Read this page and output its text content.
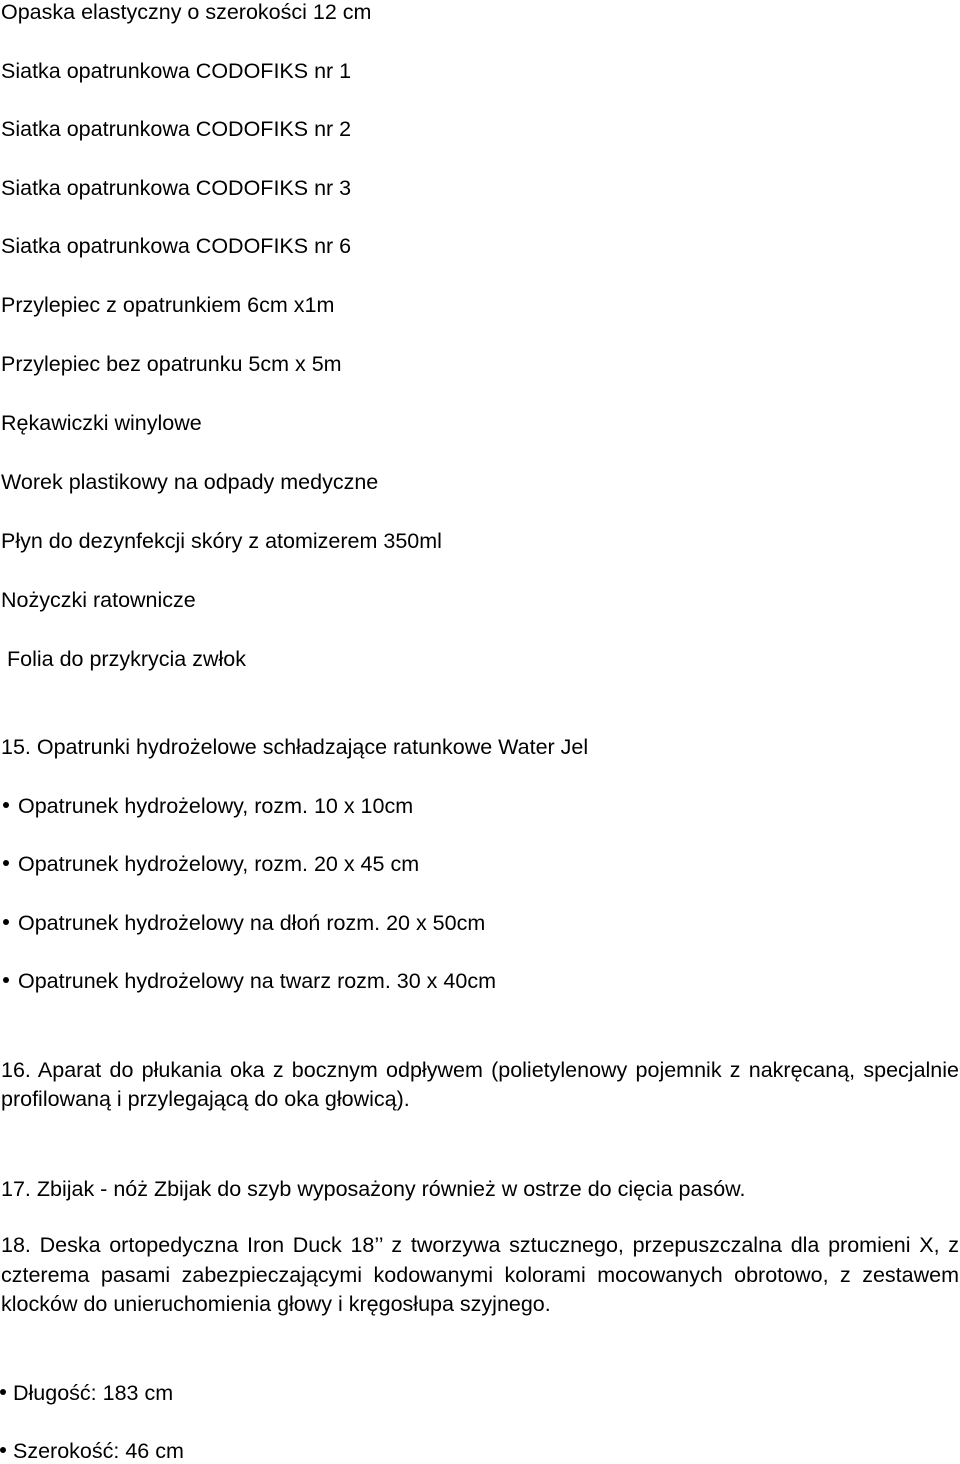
Opaska elastyczny o szerokości 12 cm
Siatka opatrunkowa CODOFIKS nr 1
Siatka opatrunkowa CODOFIKS nr 2
Siatka opatrunkowa CODOFIKS nr 3
Siatka opatrunkowa CODOFIKS nr 6
Przylepiec z opatrunkiem 6cm x1m
Przylepiec bez opatrunku 5cm x 5m
Rękawiczki winylowe
Worek plastikowy na odpady medyczne
Płyn do dezynfekcji skóry z atomizerem 350ml
Nożyczki ratownicze
Folia do przykrycia zwłok
15. Opatrunki hydrożelowe schładzające ratunkowe Water Jel
Opatrunek hydrożelowy, rozm. 10 x 10cm
Opatrunek hydrożelowy, rozm. 20 x 45 cm
Opatrunek hydrożelowy na dłoń rozm. 20 x 50cm
Opatrunek hydrożelowy na twarz rozm. 30 x 40cm
16. Aparat do płukania oka z bocznym odpływem (polietylenowy pojemnik z nakręcaną, specjalnie profilowaną i przylegającą do oka głowicą).
17. Zbijak - nóż Zbijak do szyb wyposażony również w ostrze do cięcia pasów.
18. Deska ortopedyczna Iron Duck 18’’ z tworzywa sztucznego, przepuszczalna dla promieni X, z czterema pasami zabezpieczającymi kodowanymi kolorami mocowanych obrotowo, z zestawem klocków do unieruchomienia głowy i kręgosłupa szyjnego.
Długość: 183 cm
Szerokość: 46 cm
